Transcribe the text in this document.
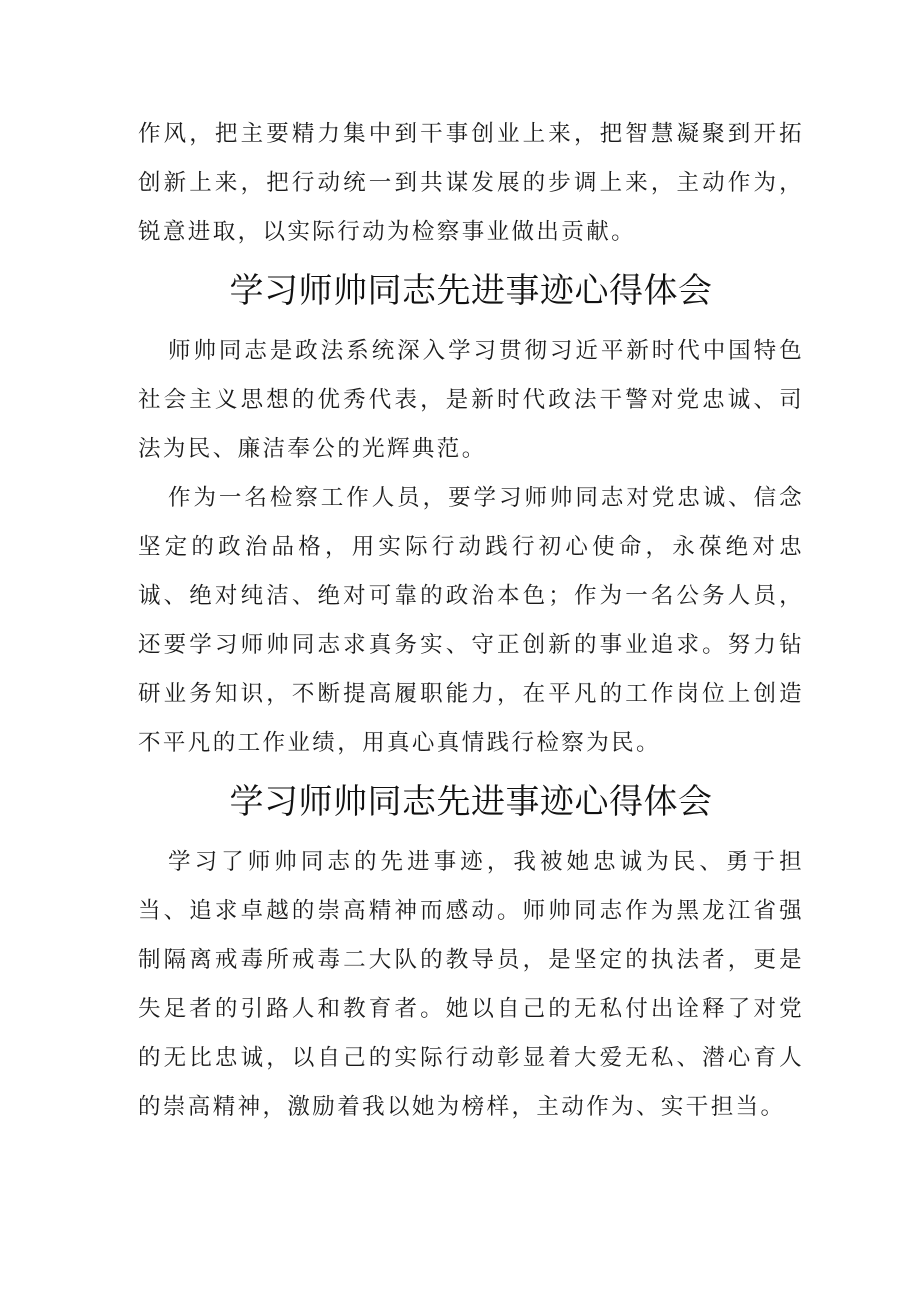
作风，把主要精力集中到干事创业上来，把智慧凝聚到开拓创新上来，把行动统一到共谋发展的步调上来，主动作为，锐意进取，以实际行动为检察事业做出贡献。

学习师帅同志先进事迹心得体会

师帅同志是政法系统深入学习贯彻习近平新时代中国特色社会主义思想的优秀代表，是新时代政法干警对党忠诚、司法为民、廉洁奉公的光辉典范。

作为一名检察工作人员，要学习师帅同志对党忠诚、信念坚定的政治品格，用实际行动践行初心使命，永葆绝对忠诚、绝对纯洁、绝对可靠的政治本色；作为一名公务人员，还要学习师帅同志求真务实、守正创新的事业追求。努力钻研业务知识，不断提高履职能力，在平凡的工作岗位上创造不平凡的工作业绩，用真心真情践行检察为民。

学习师帅同志先进事迹心得体会

学习了师帅同志的先进事迹，我被她忠诚为民、勇于担当、追求卓越的崇高精神而感动。师帅同志作为黑龙江省强制隔离戒毒所戒毒二大队的教导员，是坚定的执法者，更是失足者的引路人和教育者。她以自己的无私付出诠释了对党的无比忠诚，以自己的实际行动彰显着大爱无私、潜心育人的崇高精神，激励着我以她为榜样，主动作为、实干担当。
